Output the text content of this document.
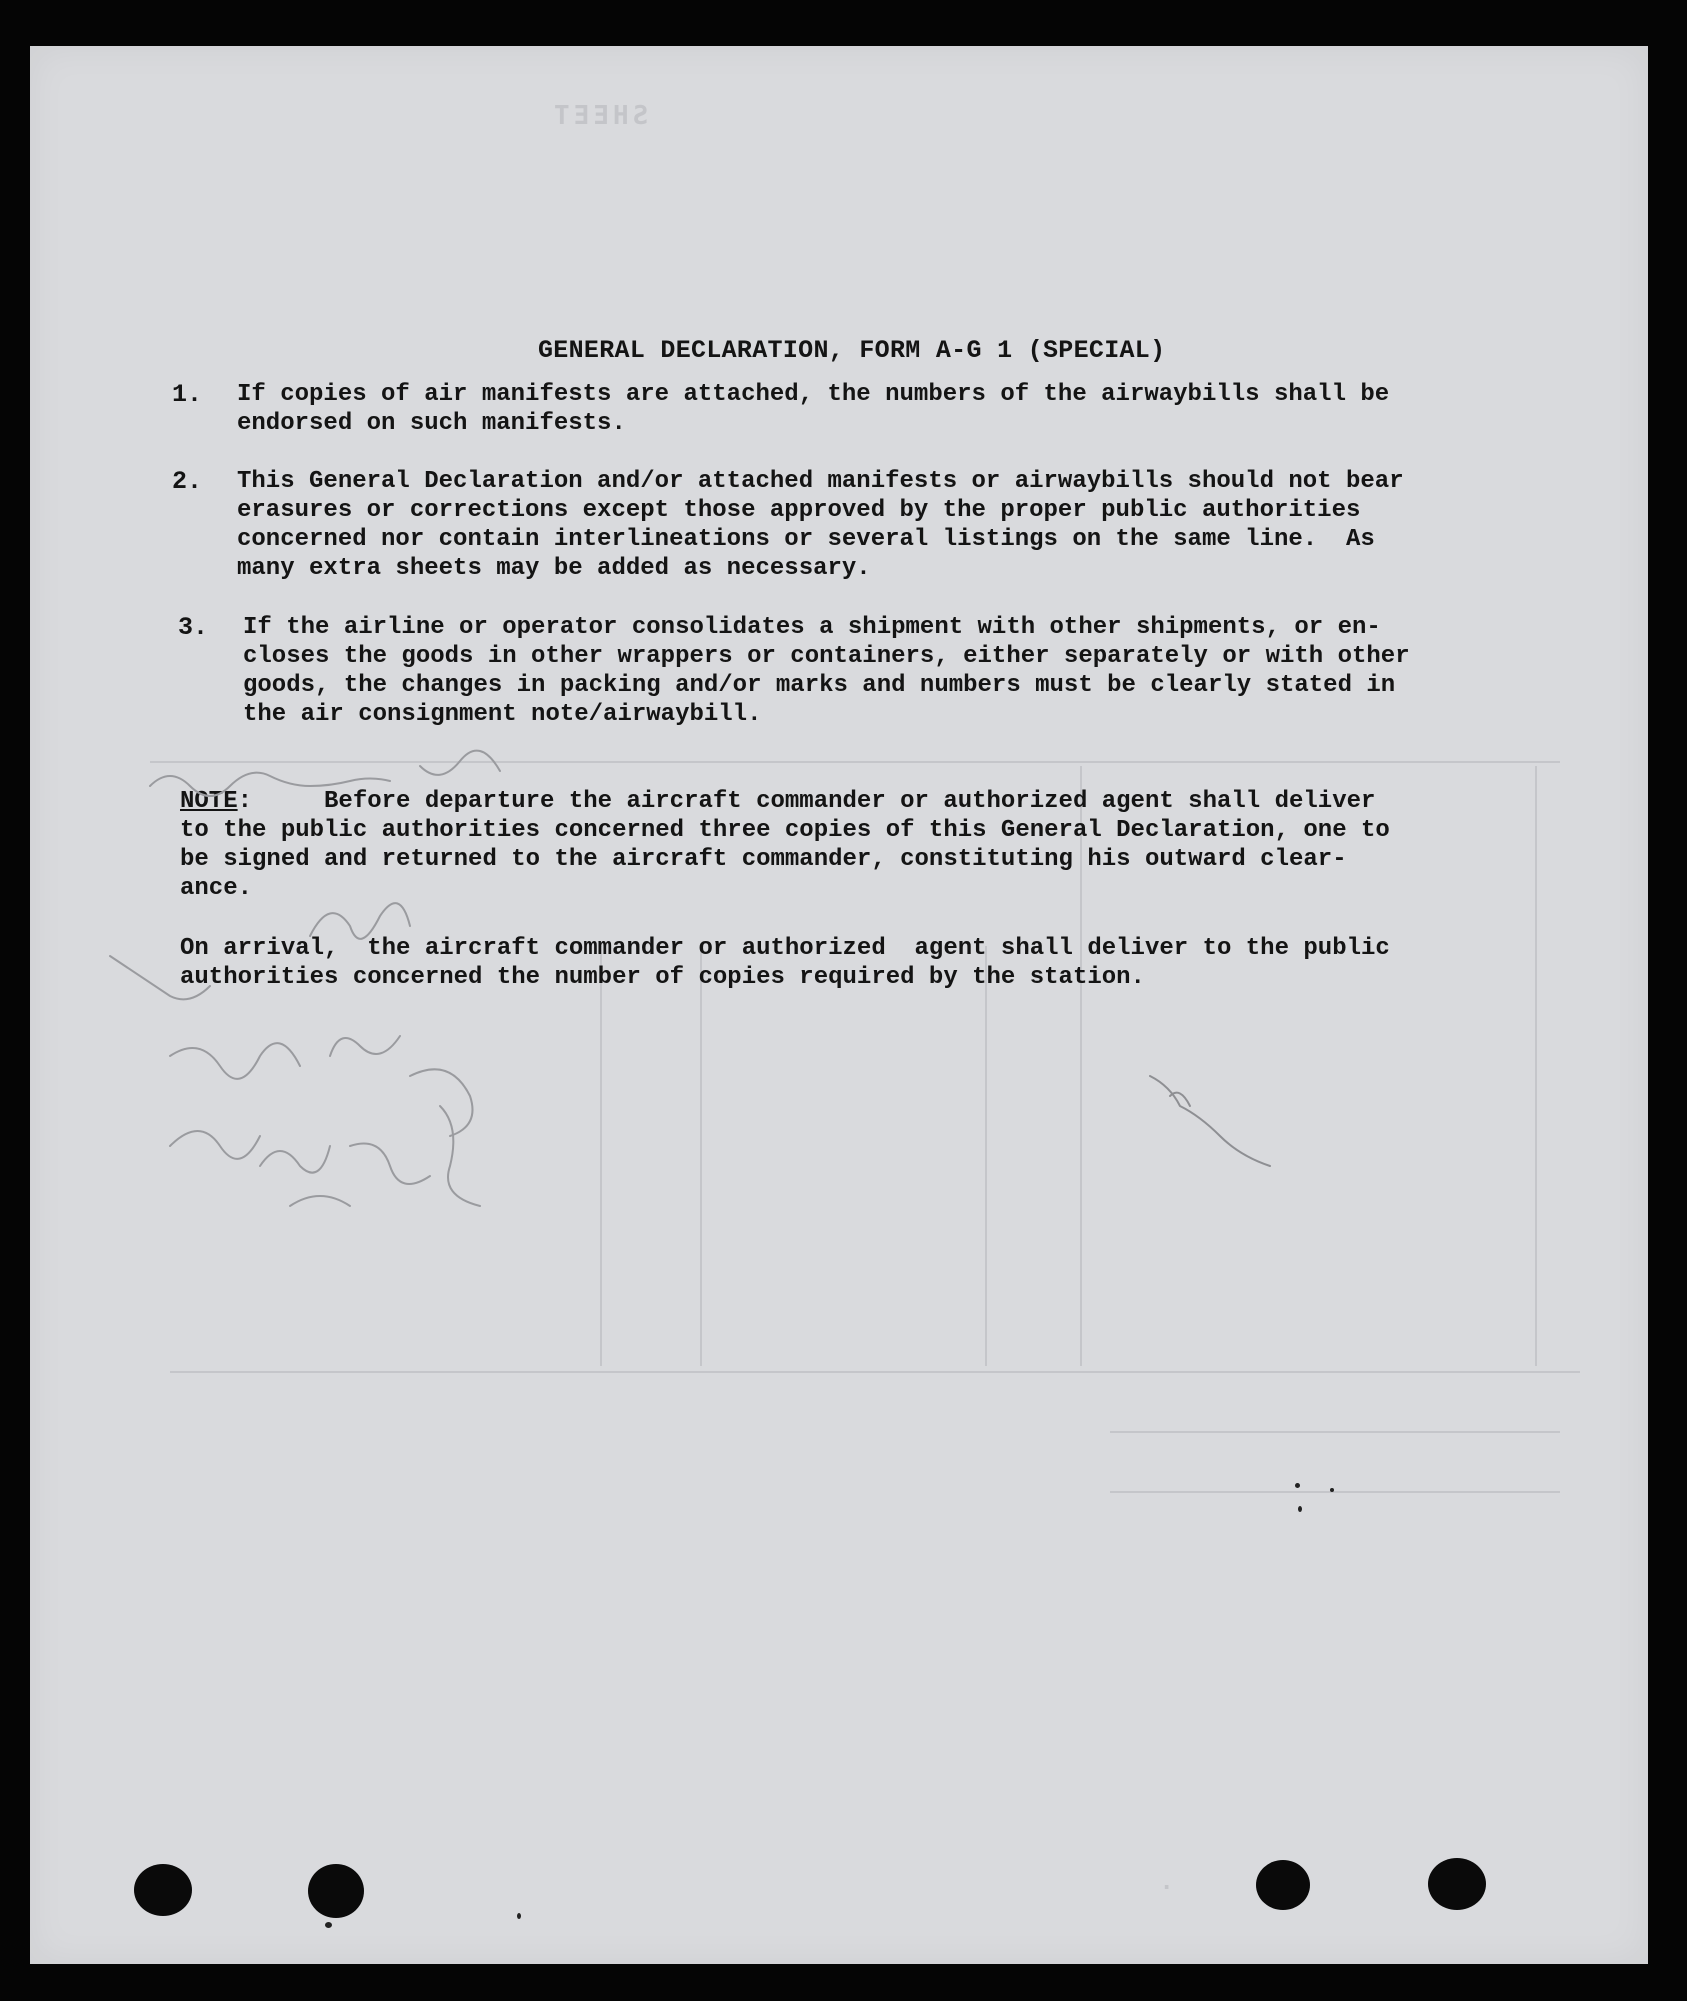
GENERAL DECLARATION, FORM A-G 1 (SPECIAL)
1. If copies of air manifests are attached, the numbers of the airwaybills shall be
endorsed on such manifests.
2. This General Declaration and/or attached manifests or airwaybills should not bear
erasures or corrections except those approved by the proper public authorities
concerned nor contain interlineations or several listings on the same line.  As
many extra sheets may be added as necessary.
3. If the airline or operator consolidates a shipment with other shipments, or en-
closes the goods in other wrappers or containers, either separately or with other
goods, the changes in packing and/or marks and numbers must be clearly stated in
the air consignment note/airwaybill.
NOTE:     Before departure the aircraft commander or authorized agent shall deliver
to the public authorities concerned three copies of this General Declaration, one to
be signed and returned to the aircraft commander, constituting his outward clear-
ance.
On arrival,  the aircraft commander or authorized  agent shall deliver to the public
authorities concerned the number of copies required by the station.
SHEET
·
